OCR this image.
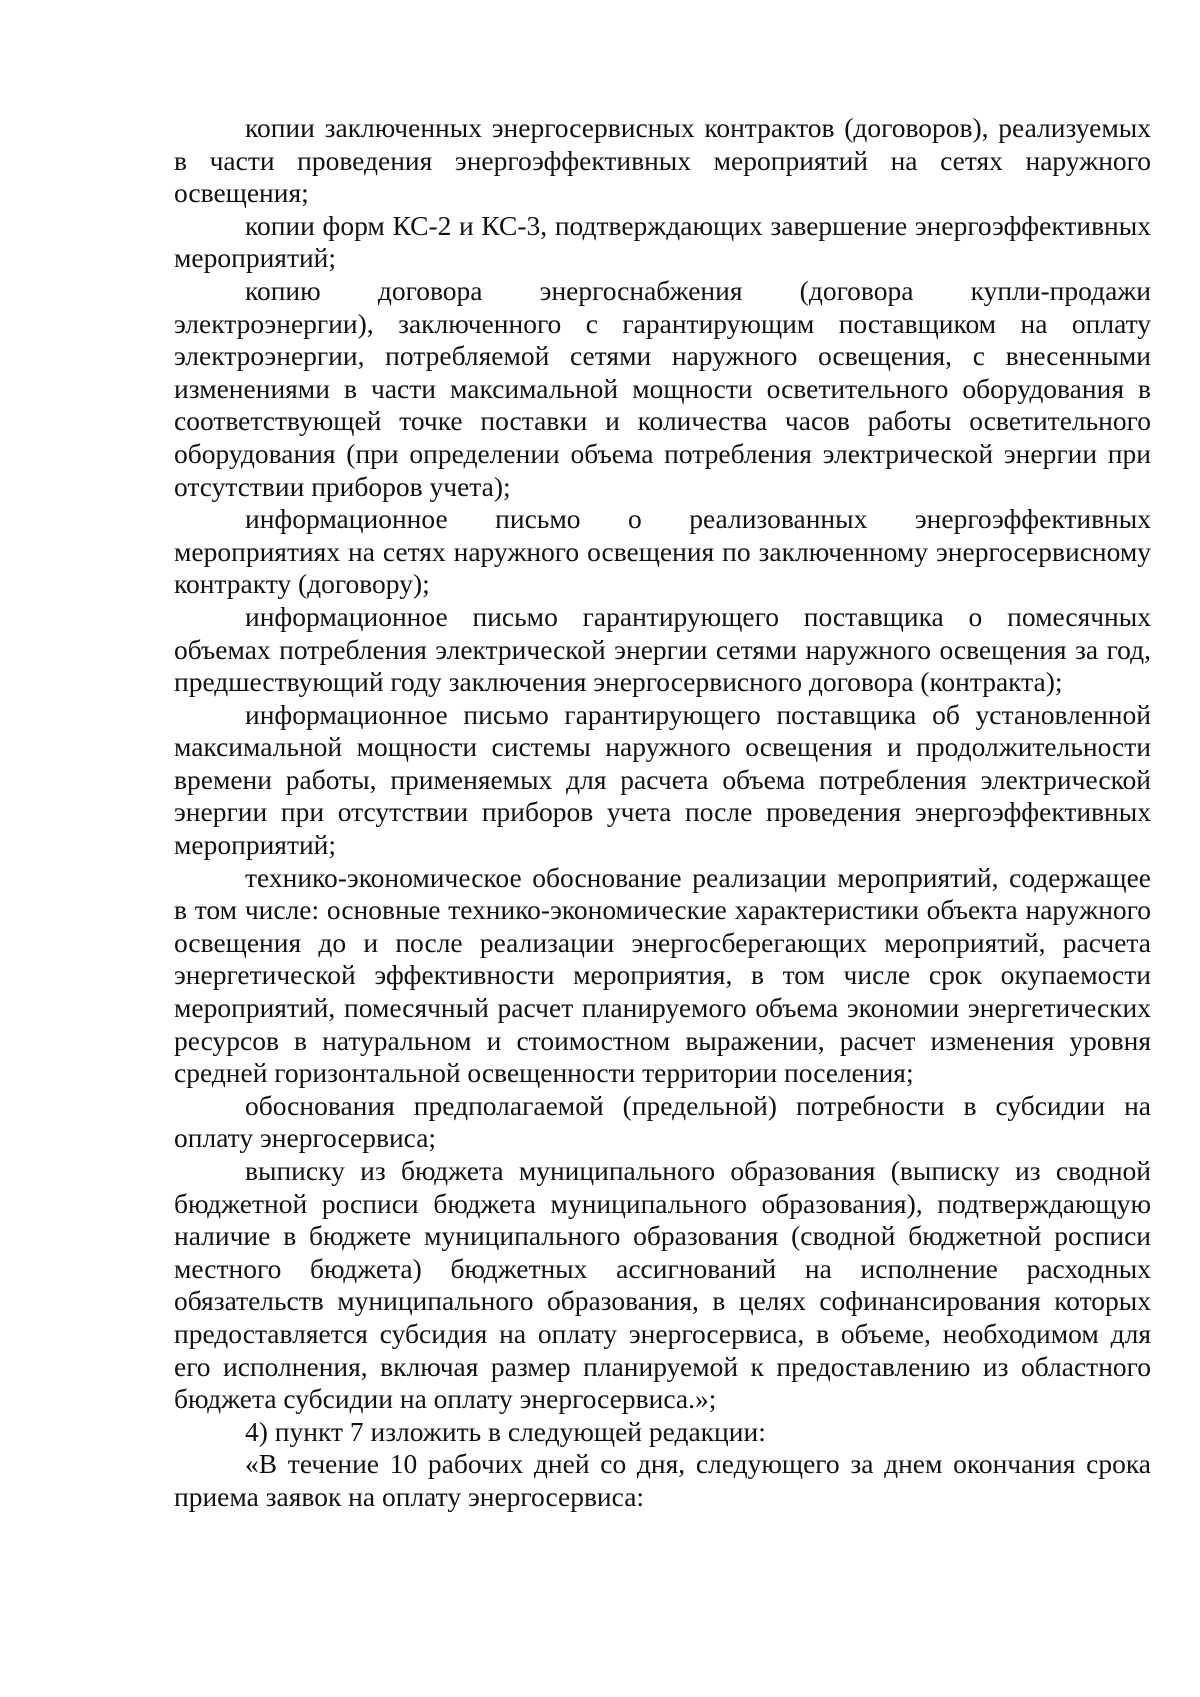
копии заключенных энергосервисных контрактов (договоров), реализуемых в части проведения энергоэффективных мероприятий на сетях наружного освещения;

копии форм КС-2 и КС-3, подтверждающих завершение энергоэффективных мероприятий;

копию договора энергоснабжения (договора купли-продажи электроэнергии), заключенного с гарантирующим поставщиком на оплату электроэнергии, потребляемой сетями наружного освещения, с внесенными изменениями в части максимальной мощности осветительного оборудования в соответствующей точке поставки и количества часов работы осветительного оборудования (при определении объема потребления электрической энергии при отсутствии приборов учета);

информационное письмо о реализованных энергоэффективных мероприятиях на сетях наружного освещения по заключенному энергосервисному контракту (договору);

информационное письмо гарантирующего поставщика о помесячных объемах потребления электрической энергии сетями наружного освещения за год, предшествующий году заключения энергосервисного договора (контракта);

информационное письмо гарантирующего поставщика об установленной максимальной мощности системы наружного освещения и продолжительности времени работы, применяемых для расчета объема потребления электрической энергии при отсутствии приборов учета после проведения энергоэффективных мероприятий;

технико-экономическое обоснование реализации мероприятий, содержащее в том числе: основные технико-экономические характеристики объекта наружного освещения до и после реализации энергосберегающих мероприятий, расчета энергетической эффективности мероприятия, в том числе срок окупаемости мероприятий, помесячный расчет планируемого объема экономии энергетических ресурсов в натуральном и стоимостном выражении, расчет изменения уровня средней горизонтальной освещенности территории поселения;

обоснования предполагаемой (предельной) потребности в субсидии на оплату энергосервиса;

выписку из бюджета муниципального образования (выписку из сводной бюджетной росписи бюджета муниципального образования), подтверждающую наличие в бюджете муниципального образования (сводной бюджетной росписи местного бюджета) бюджетных ассигнований на исполнение расходных обязательств муниципального образования, в целях софинансирования которых предоставляется субсидия на оплату энергосервиса, в объеме, необходимом для его исполнения, включая размер планируемой к предоставлению из областного бюджета субсидии на оплату энергосервиса.»;

4) пункт 7 изложить в следующей редакции:

«В течение 10 рабочих дней со дня, следующего за днем окончания срока приема заявок на оплату энергосервиса:
